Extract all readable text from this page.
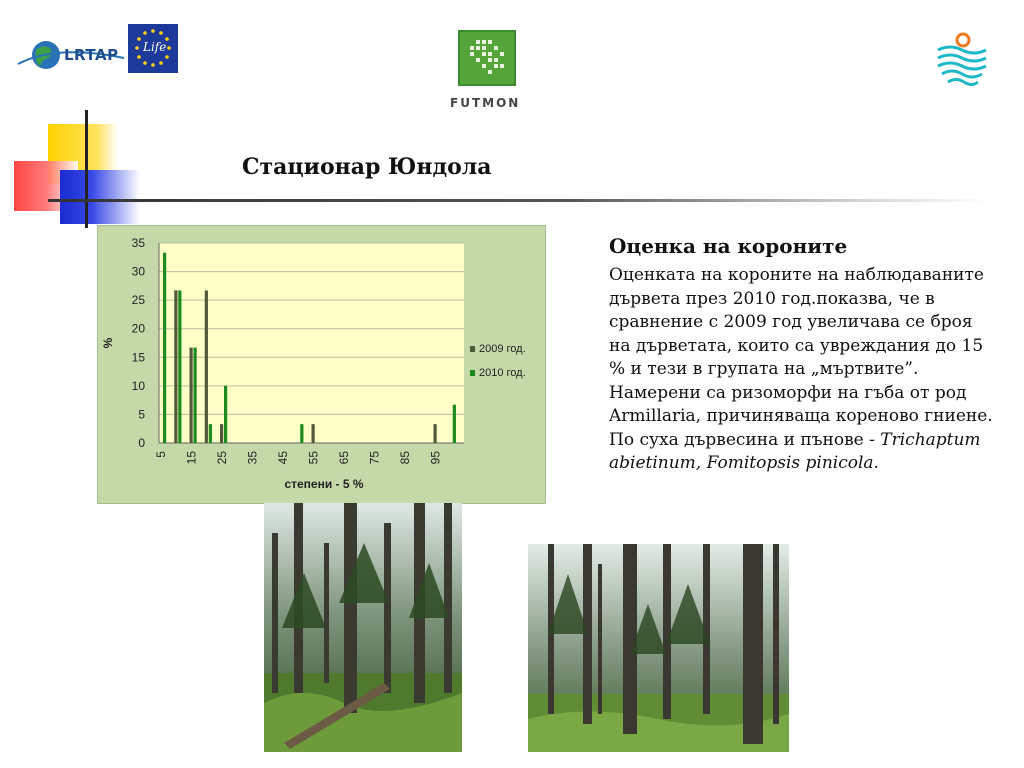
LRTAP Life
FUTMON
Стационар Юндола
0
5
10
15
20
25
30
35
5 15 25 35 45 55 65 75 85 95
степени - 5 %
%	2009 год.
2010 год.
Оценка на короните

Оценката на короните на наблюдаваните дървета през 2010 год.показва, че в сравнение с 2009 год увеличава се броя на дърветата, които са увреждания до 15 % и тези в групата на „мъртвите”. Намерени са ризоморфи на гъба от род Armillaria, причиняваща кореново гниене. По суха дървесина и пънове - Trichaptum abietinum, Fomitopsis pinicola.
